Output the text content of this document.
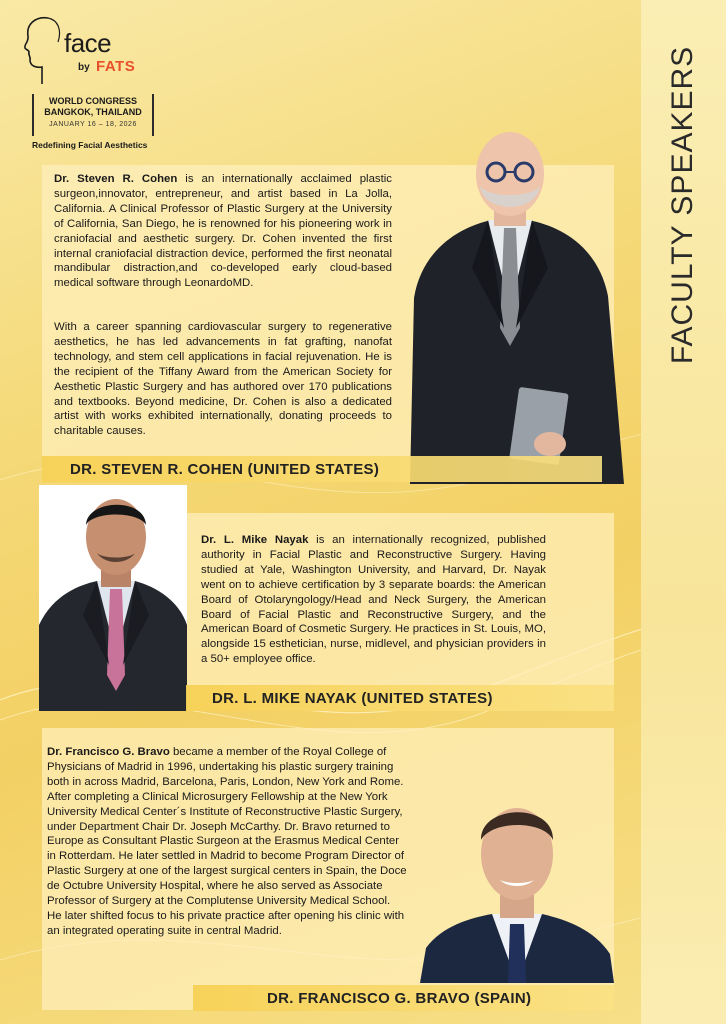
face
by FATS
WORLD CONGRESS
BANGKOK, THAILAND
JANUARY 16 – 18, 2026
Redefining Facial Aesthetics	FACULTY SPEAKERS

Dr. Steven R. Cohen is an internationally acclaimed plastic surgeon,innovator, entrepreneur, and artist based in La Jolla, California. A Clinical Professor of Plastic Surgery at the University of California, San Diego, he is renowned for his pioneering work in craniofacial and aesthetic surgery. Dr. Cohen invented the first internal craniofacial distraction device, performed the first neonatal mandibular distraction,and co-developed early cloud-based medical software through LeonardoMD.

With a career spanning cardiovascular surgery to regenerative aesthetics, he has led advancements in fat grafting, nanofat technology, and stem cell applications in facial rejuvenation. He is the recipient of the Tiffany Award from the American Society for Aesthetic Plastic Surgery and has authored over 170 publications and textbooks. Beyond medicine, Dr. Cohen is also a dedicated artist with works exhibited internationally, donating proceeds to charitable causes.

DR. STEVEN R. COHEN (UNITED STATES)

Dr. L. Mike Nayak is an internationally recognized, published authority in Facial Plastic and Reconstructive Surgery. Having studied at Yale, Washington University, and Harvard, Dr. Nayak went on to achieve certification by 3 separate boards: the American Board of Otolaryngology/Head and Neck Surgery, the American Board of Facial Plastic and Reconstructive Surgery, and the American Board of Cosmetic Surgery. He practices in St. Louis, MO, alongside 15 esthetician, nurse, midlevel, and physician providers in a 50+ employee office.

DR. L. MIKE NAYAK (UNITED STATES)

Dr. Francisco G. Bravo became a member of the Royal College of Physicians of Madrid in 1996, undertaking his plastic surgery training both in across Madrid, Barcelona, Paris, London, New York and Rome. After completing a Clinical Microsurgery Fellowship at the New York University Medical Center´s Institute of Reconstructive Plastic Surgery, under Department Chair Dr. Joseph McCarthy. Dr. Bravo returned to Europe as Consultant Plastic Surgeon at the Erasmus Medical Center in Rotterdam. He later settled in Madrid to become Program Director of Plastic Surgery at one of the largest surgical centers in Spain, the Doce de Octubre University Hospital, where he also served as Associate Professor of Surgery at the Complutense University Medical School. He later shifted focus to his private practice after opening his clinic with an integrated operating suite in central Madrid.

DR. FRANCISCO G. BRAVO (SPAIN)
